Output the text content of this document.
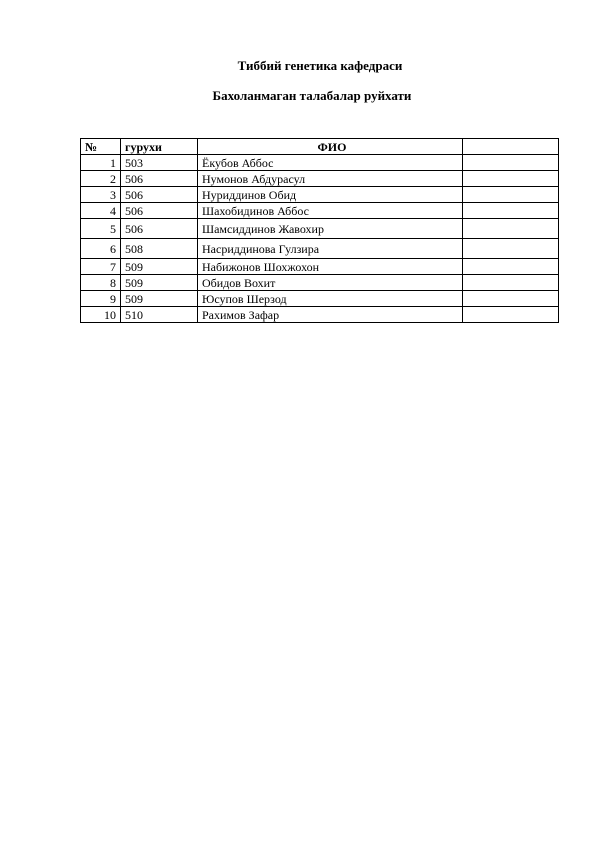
Тиббий генетика кафедраси
Бахоланмаган талабалар руйхати
№	гурухи	ФИО	
1	503	Ёкубов Аббос	
2	506	Нумонов Абдурасул	
3	506	Нуриддинов Обид	
4	506	Шахобидинов Аббос	
5	506	Шамсиддинов Жавохир	
6	508	Насриддинова Гулзира	
7	509	Набижонов Шохжохон	
8	509	Обидов Вохит	
9	509	Юсупов Шерзод	
10	510	Рахимов Зафар	
